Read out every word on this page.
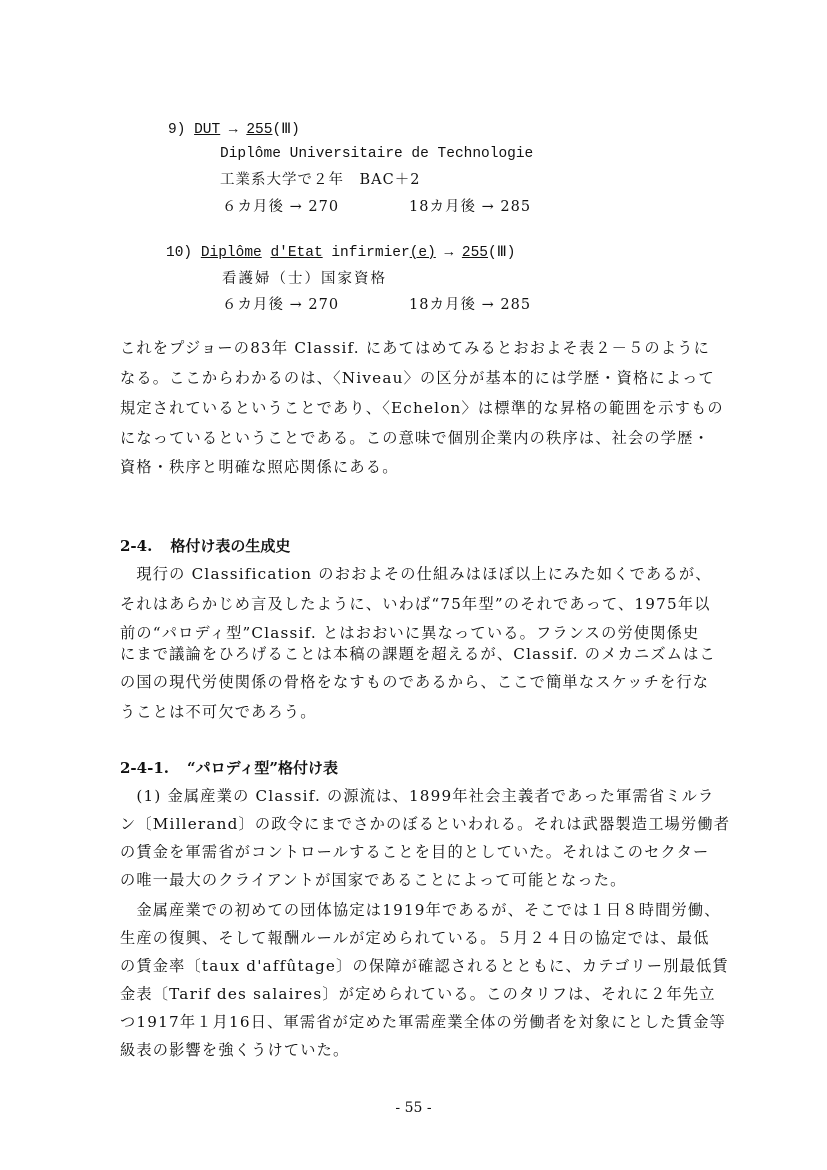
9) DUT → 255(Ⅲ)
Diplôme Universitaire de Technologie
工業系大学で２年　BAC＋2
６カ月後 → 270	18カ月後 → 285
10) Diplôme d'Etat infirmier(e) → 255(Ⅲ)
看護婦（士）国家資格
６カ月後 → 270	18カ月後 → 285
これをプジョーの83年 Classif. にあてはめてみるとおおよそ表２－５のように
なる。ここからわかるのは、〈Niveau〉の区分が基本的には学歴・資格によって
規定されているということであり、〈Echelon〉は標準的な昇格の範囲を示すもの
になっているということである。この意味で個別企業内の秩序は、社会の学歴・
資格・秩序と明確な照応関係にある。
2-4. 格付け表の生成史
　現行の Classification のおおよその仕組みはほぼ以上にみた如くであるが、
それはあらかじめ言及したように、いわば“75年型”のそれであって、1975年以
前の“パロディ型”Classif. とはおおいに異なっている。フランスの労使関係史
にまで議論をひろげることは本稿の課題を超えるが、Classif. のメカニズムはこ
の国の現代労使関係の骨格をなすものであるから、ここで簡単なスケッチを行な
うことは不可欠であろう。
2-4-1. “パロディ型”格付け表
　(1) 金属産業の Classif. の源流は、1899年社会主義者であった軍需省ミルラ
ン〔Millerand〕の政令にまでさかのぼるといわれる。それは武器製造工場労働者
の賃金を軍需省がコントロールすることを目的としていた。それはこのセクター
の唯一最大のクライアントが国家であることによって可能となった。
　金属産業での初めての団体協定は1919年であるが、そこでは１日８時間労働、
生産の復興、そして報酬ルールが定められている。５月２４日の協定では、最低
の賃金率〔taux d'affûtage〕の保障が確認されるとともに、カテゴリー別最低賃
金表〔Tarif des salaires〕が定められている。このタリフは、それに２年先立
つ1917年１月16日、軍需省が定めた軍需産業全体の労働者を対象にとした賃金等
級表の影響を強くうけていた。
- 55 -
